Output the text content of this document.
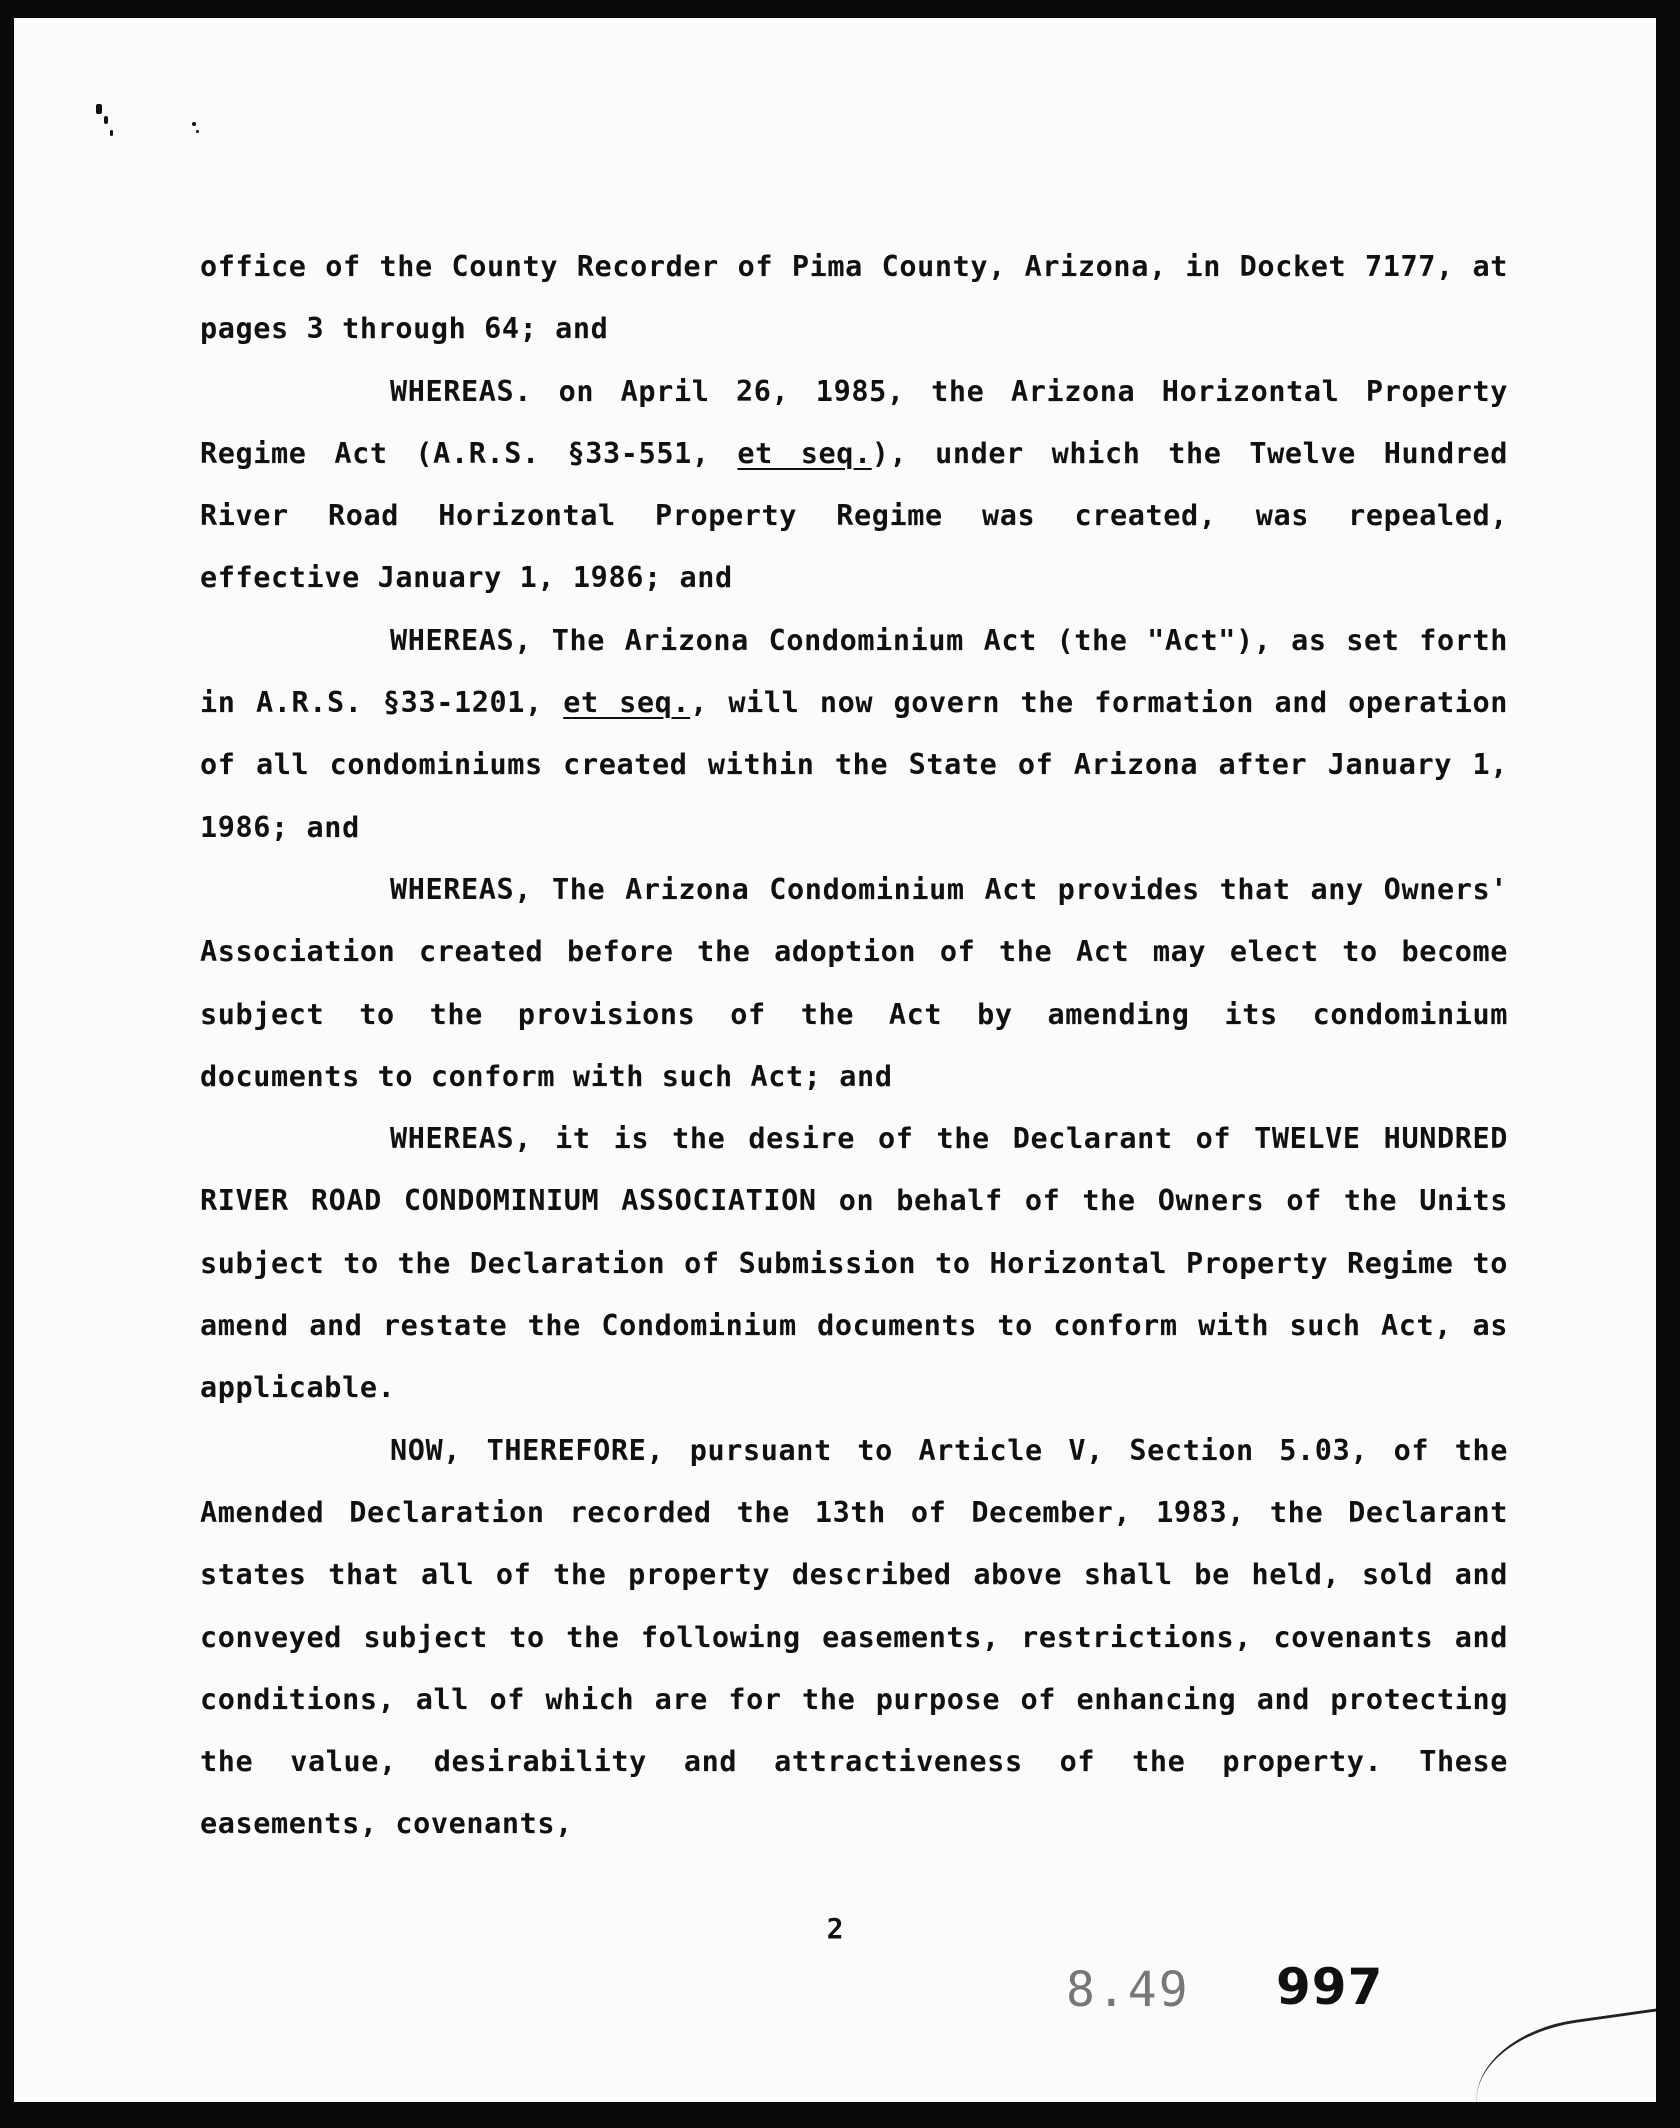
office of the County Recorder of Pima County, Arizona, in Docket 7177, at pages 3 through 64; and

WHEREAS. on April 26, 1985, the Arizona Horizontal Property Regime Act (A.R.S. §33-551, et seq.), under which the Twelve Hundred River Road Horizontal Property Regime was created, was repealed, effective January 1, 1986; and

WHEREAS, The Arizona Condominium Act (the "Act"), as set forth in A.R.S. §33-1201, et seq., will now govern the formation and operation of all condominiums created within the State of Arizona after January 1, 1986; and

WHEREAS, The Arizona Condominium Act provides that any Owners' Association created before the adoption of the Act may elect to become subject to the provisions of the Act by amending its condominium documents to conform with such Act; and

WHEREAS, it is the desire of the Declarant of TWELVE HUNDRED RIVER ROAD CONDOMINIUM ASSOCIATION on behalf of the Owners of the Units subject to the Declaration of Submission to Horizontal Property Regime to amend and restate the Condominium documents to conform with such Act, as applicable.

NOW, THEREFORE, pursuant to Article V, Section 5.03, of the Amended Declaration recorded the 13th of December, 1983, the Declarant states that all of the property described above shall be held, sold and conveyed subject to the following easements, restrictions, covenants and conditions, all of which are for the purpose of enhancing and protecting the value, desirability and attractiveness of the property. These easements, covenants,

2
8.49 997
